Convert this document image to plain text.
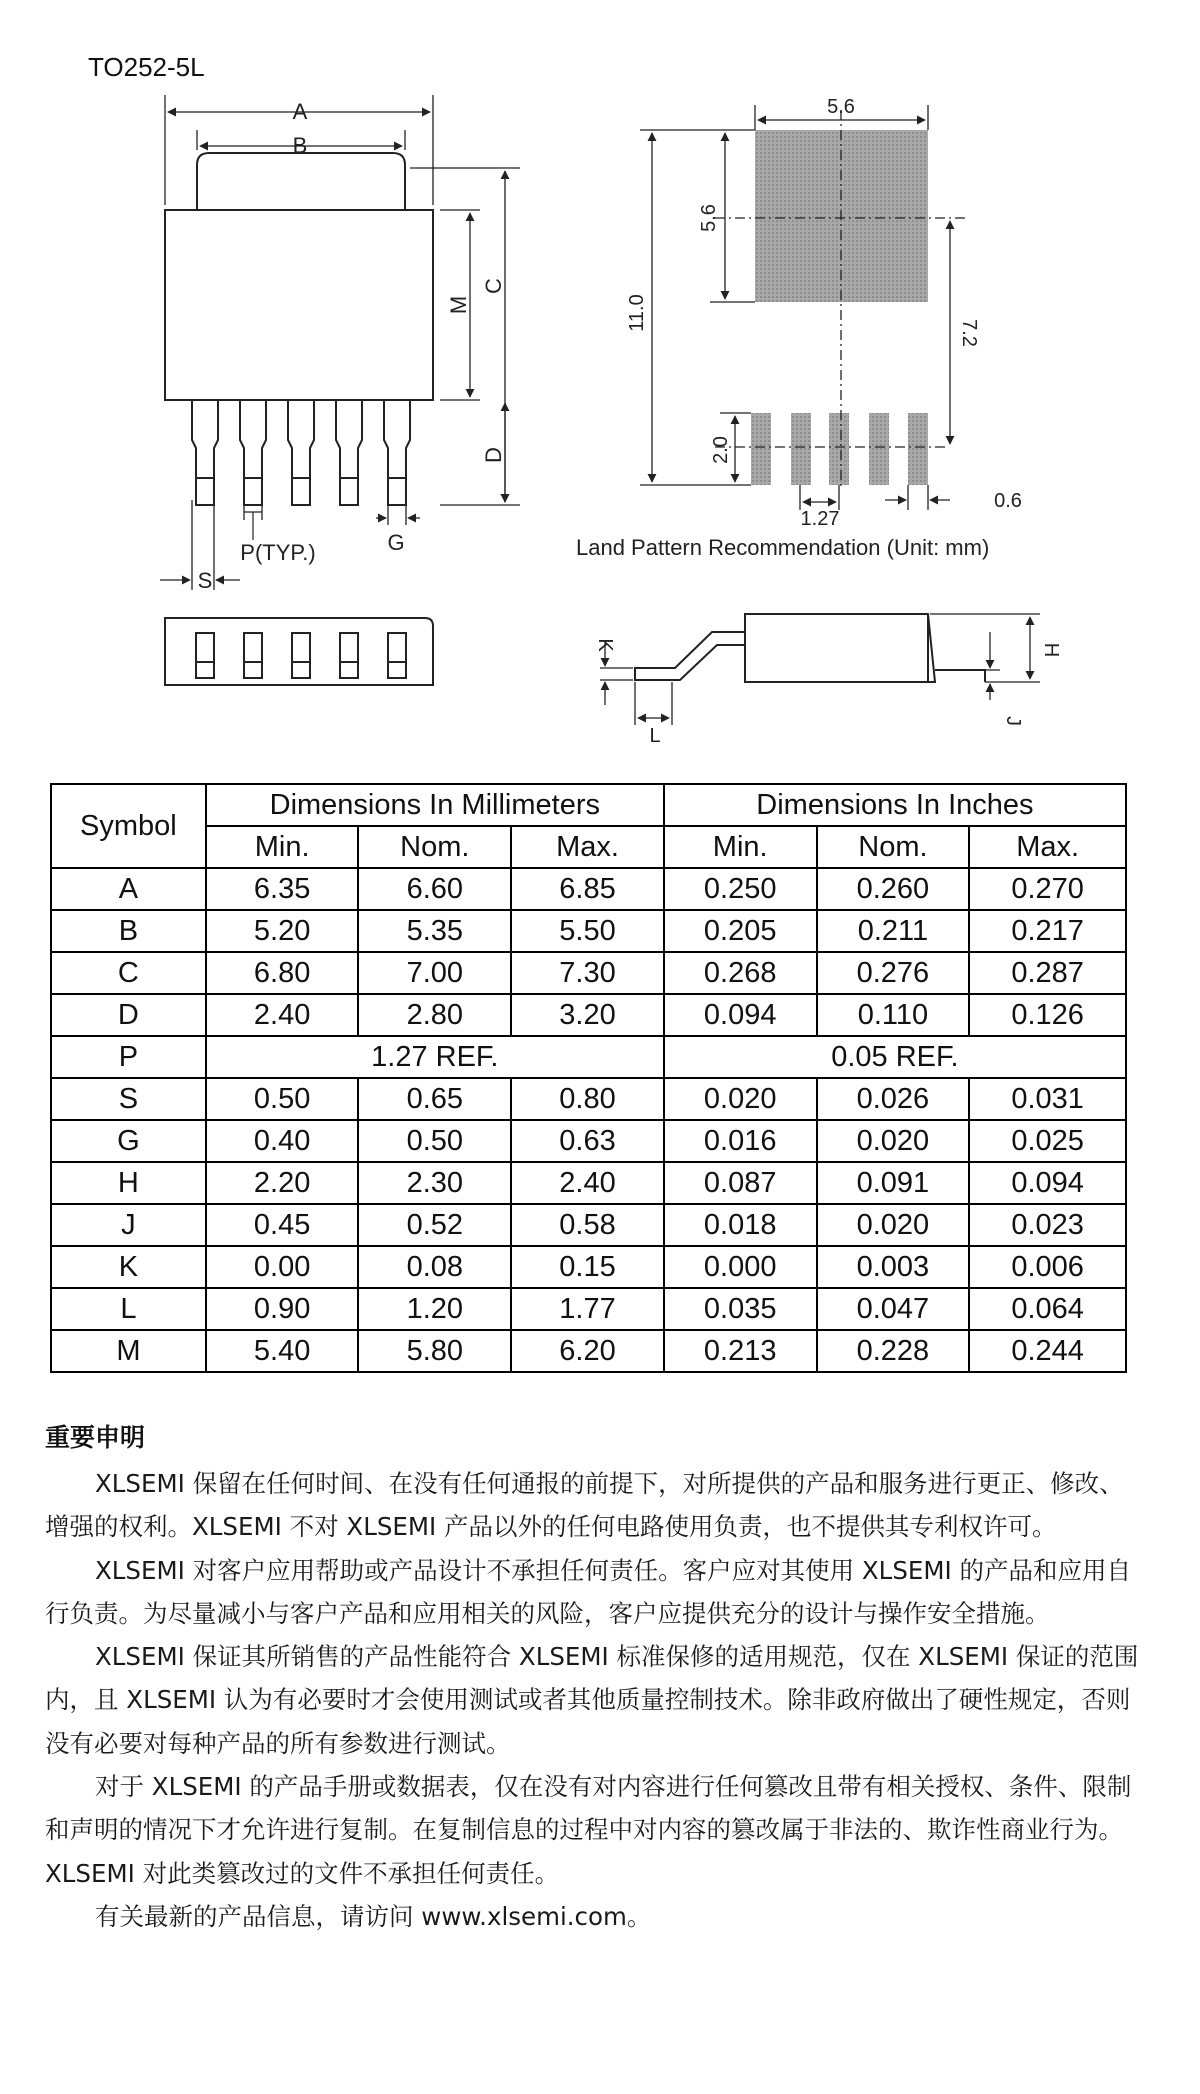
TO252-5L
A
B
C
M
D
P(TYP.)	G
S
5.6
5.6
11.0
7.2
2.0
1.27
0.6
Land Pattern Recommendation (Unit: mm)
K
L
H
J
Symbol	Dimensions In Millimeters			Dimensions In Inches		
	Min.	Nom.	Max.	Min.	Nom.	Max.
A	6.35	6.60	6.85	0.250	0.260	0.270
B	5.20	5.35	5.50	0.205	0.211	0.217
C	6.80	7.00	7.30	0.268	0.276	0.287
D	2.40	2.80	3.20	0.094	0.110	0.126
P	1.27 REF.			0.05 REF.		
S	0.50	0.65	0.80	0.020	0.026	0.031
G	0.40	0.50	0.63	0.016	0.020	0.025
H	2.20	2.30	2.40	0.087	0.091	0.094
J	0.45	0.52	0.58	0.018	0.020	0.023
K	0.00	0.08	0.15	0.000	0.003	0.006
L	0.90	1.20	1.77	0.035	0.047	0.064
M	5.40	5.80	6.20	0.213	0.228	0.244
重要申明

XLSEMI 保留在任何时间、在没有任何通报的前提下，对所提供的产品和服务进行更正、修改、增强的权利。XLSEMI 不对 XLSEMI 产品以外的任何电路使用负责，也不提供其专利权许可。

XLSEMI 对客户应用帮助或产品设计不承担任何责任。客户应对其使用 XLSEMI 的产品和应用自行负责。为尽量减小与客户产品和应用相关的风险，客户应提供充分的设计与操作安全措施。

XLSEMI 保证其所销售的产品性能符合 XLSEMI 标准保修的适用规范，仅在 XLSEMI 保证的范围内，且 XLSEMI 认为有必要时才会使用测试或者其他质量控制技术。除非政府做出了硬性规定，否则没有必要对每种产品的所有参数进行测试。

对于 XLSEMI 的产品手册或数据表，仅在没有对内容进行任何篡改且带有相关授权、条件、限制和声明的情况下才允许进行复制。在复制信息的过程中对内容的篡改属于非法的、欺诈性商业行为。XLSEMI 对此类篡改过的文件不承担任何责任。

有关最新的产品信息，请访问 www.xlsemi.com。
